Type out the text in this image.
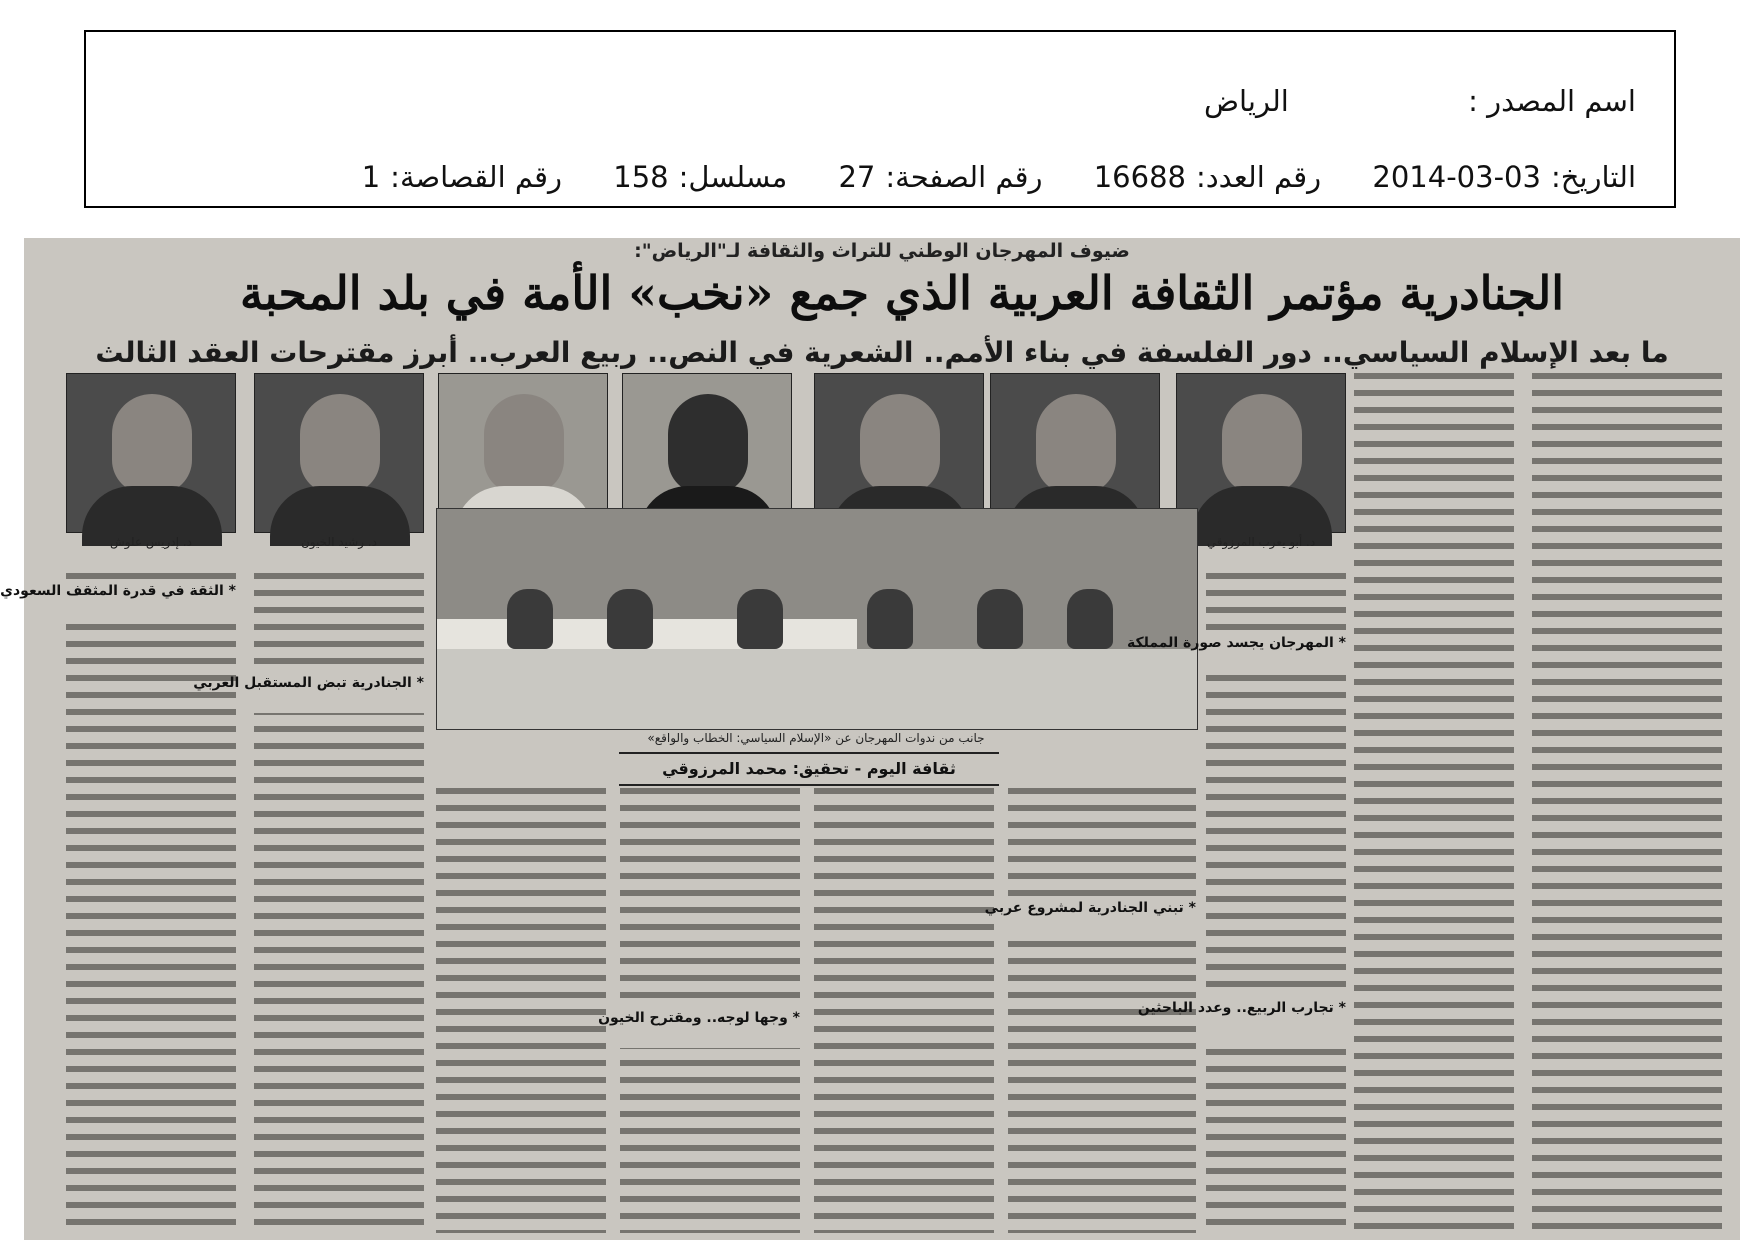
اسم المصدر : الرياض
التاريخ:2014-03-03 رقم العدد:16688 رقم الصفحة:27 مسلسل:158 رقم القصاصة:1
ضيوف المهرجان الوطني للتراث والثقافة لـ"الرياض":
الجنادرية مؤتمر الثقافة العربية الذي جمع «نخب» الأمة في بلد المحبة
ما بعد الإسلام السياسي.. دور الفلسفة في بناء الأمم.. الشعرية في النص.. ربيع العرب.. أبرز مقترحات العقد الثالث
د. أبو يعرب المرزوقي
د. رشيد الخيون
د. إدريس علوش
جانب من ندوات المهرجان عن «الإسلام السياسي: الخطاب والواقع»
ثقافة اليوم - تحقيق: محمد المرزوقي
* الثقة في قدرة المثقف السعودي
* الجنادرية تبض المستقبل العربي
* المهرجان يجسد صورة المملكة
* تبني الجنادرية لمشروع عربي
* تجارب الربيع.. وعدد الباحثين
* وجها لوجه.. ومقترح الخيون
